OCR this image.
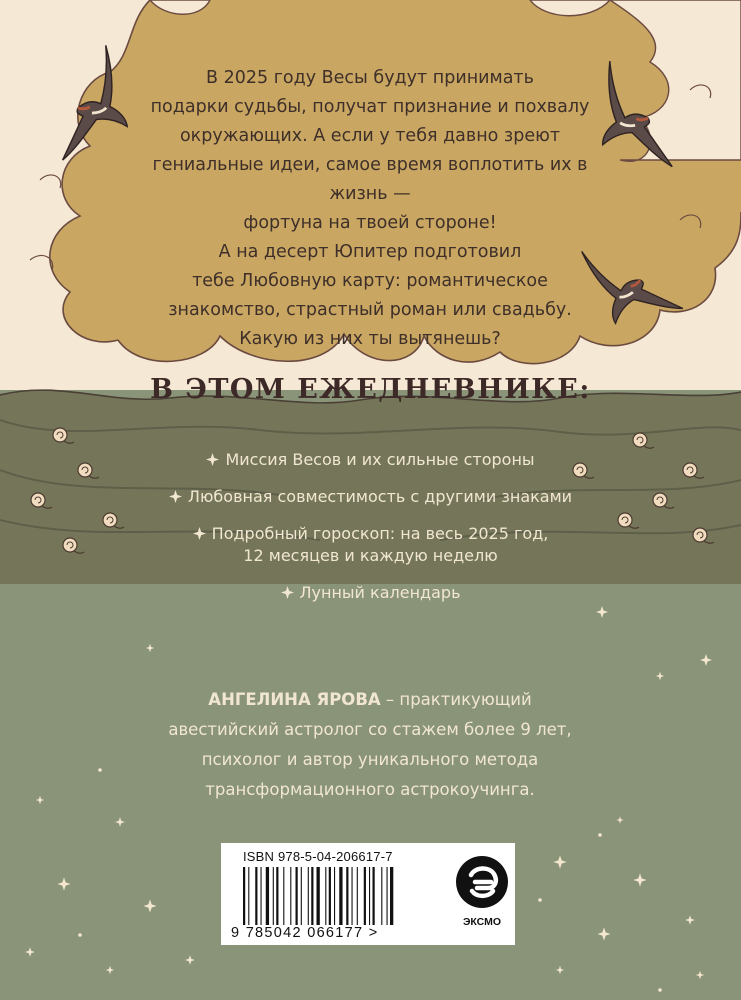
В 2025 году Весы будут принимать
подарки судьбы, получат признание и похвалу
окружающих. А если у тебя давно зреют
гениальные идеи, самое время воплотить их в жизнь —
фортуна на твоей стороне!
А на десерт Юпитер подготовил
тебе Любовную карту: романтическое
знакомство, страстный роман или свадьбу.
Какую из них ты вытянешь?
В ЭТОМ ЕЖЕДНЕВНИКЕ:
Миссия Весов и их сильные стороны
Любовная совместимость с другими знаками
Подробный гороскоп: на весь 2025 год,
12 месяцев и каждую неделю
Лунный календарь
АНГЕЛИНА ЯРОВА – практикующий
авестийский астролог со стажем более 9 лет,
психолог и автор уникального метода
трансформационного астрокоучинга.
ISBN 978-5-04-206617-7
9 785042 066177 >
ЭКСМО
